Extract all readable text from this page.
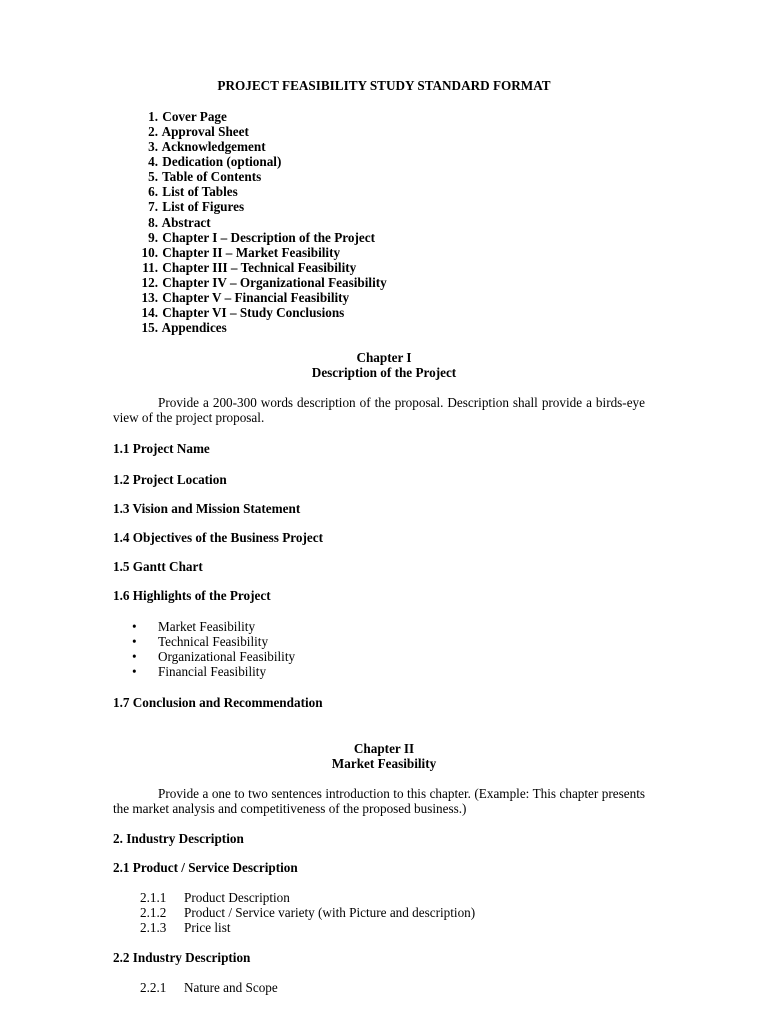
PROJECT FEASIBILITY STUDY STANDARD FORMAT
1. Cover Page
2. Approval Sheet
3. Acknowledgement
4. Dedication (optional)
5. Table of Contents
6. List of Tables
7. List of Figures
8. Abstract
9. Chapter I – Description of the Project
10. Chapter II – Market Feasibility
11. Chapter III – Technical Feasibility
12. Chapter IV – Organizational Feasibility
13. Chapter V – Financial Feasibility
14. Chapter VI – Study Conclusions
15. Appendices
Chapter I
Description of the Project

Provide a 200-300 words description of the proposal. Description shall provide a birds-eye view of the project proposal.

1.1 Project Name
1.2 Project Location
1.3 Vision and Mission Statement
1.4 Objectives of the Business Project
1.5 Gantt Chart
1.6 Highlights of the Project
• Market Feasibility
• Technical Feasibility
• Organizational Feasibility
• Financial Feasibility
1.7 Conclusion and Recommendation
Chapter II
Market Feasibility

Provide a one to two sentences introduction to this chapter. (Example: This chapter presents the market analysis and competitiveness of the proposed business.)

2. Industry Description
2.1 Product / Service Description
2.1.1 Product Description
2.1.2 Product / Service variety (with Picture and description)
2.1.3 Price list
2.2 Industry Description
2.2.1 Nature and Scope
